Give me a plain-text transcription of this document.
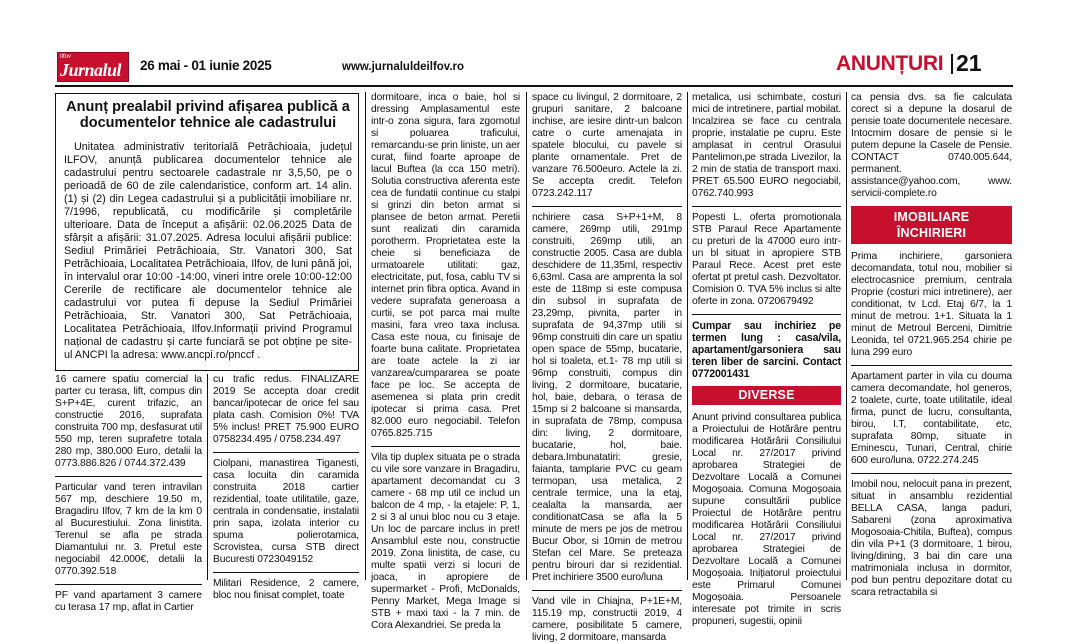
Ilfov
Jurnalul 26 mai - 01 iunie 2025	www.jurnaluldeilfov.ro	ANUNȚURI 21
Anunț prealabil privind afișarea publică a documentelor tehnice ale cadastrului

Unitatea administrativ teritorială Petrăchioaia, județul ILFOV, anunță publicarea documentelor tehnice ale cadastrului pentru sectoarele cadastrale nr 3,5,50, pe o perioadă de 60 de zile calendaristice, conform art. 14 alin. (1) și (2) din Legea cadastrului și a publicității imobiliare nr. 7/1996, republicată, cu modificările și completările ulterioare. Data de început a afișării: 02.06.2025 Data de sfârșit a afișării: 31.07.2025. Adresa locului afișării publice: Sediul Primăriei Petrăchioaia, Str. Vanatori 300, Sat Petrăchioaia, Localitatea Petrăchioaia, Ilfov, de luni până joi, în intervalul orar 10:00 -14:00, vineri intre orele 10:00-12:00 Cererile de rectificare ale documentelor tehnice ale cadastrului vor putea fi depuse la Sediul Primăriei Petrăchioaia, Str. Vanatori 300, Sat Petrăchioaia, Localitatea Petrăchioaia, Ilfov.Informații privind Programul național de cadastru și carte funciară se pot obține pe site-ul ANCPI la adresa: www.ancpi.ro/pnccf .

16 camere spatiu comercial la parter cu terasa, lift, compus din S+P+4E, curent trifazic, an constructie 2016, suprafata construita 700 mp, desfasurat util 550 mp, teren suprafetre totala 280 mp, 380.000 Euro, detalii la 0773.886.826 / 0744.372.439
Particular vand teren intravilan 567 mp, deschiere 19.50 m, Bragadiru Ilfov, 7 km de la km 0 al Bucurestiului. Zona linistita. Terenul se afla pe strada Diamantului nr. 3. Pretul este negociabil 42.000€, detalii la 0770.392.518
PF vand apartament 3 camere cu terasa 17 mp, aflat in Cartier
cu trafic redus. FINALIZARE 2019 Se accepta doar credit bancar/ipotecar de orice fel sau plata cash. Comision 0%! TVA 5% inclus! PRET 75.900 EURO 0758234.495 / 0758.234.497
Ciolpani, manastirea Tiganesti, casa locuita din caramida construita 2018 cartier rezidential, toate utilitatile, gaze, centrala in condensatie, instalatii prin sapa, izolata interior cu spuma polierotamica, Scrovistea, cursa STB direct Bucuresti 0723049152
Militari Residence, 2 camere, bloc nou finisat complet, toate
dormitoare, inca o baie, hol si dressing Amplasamentul este intr-o zona sigura, fara zgomotul si poluarea traficului, remarcandu-se prin liniste, un aer curat, fiind foarte aproape de lacul Buftea (la cca 150 metri). Solutia constructiva aferenta este cea de fundatii continue cu stalpi si grinzi din beton armat si plansee de beton armat. Peretii sunt realizati din caramida porotherm. Proprietatea este la cheie si beneficiaza de urmatoarele utilitati: gaz, electricitate, put, fosa, cablu TV si internet prin fibra optica. Avand in vedere suprafata generoasa a curtii, se pot parca mai multe masini, fara vreo taxa inclusa. Casa este noua, cu finisaje de foarte buna calitate. Proprietatea are toate actele la zi iar vanzarea/cumpararea se poate face pe loc. Se accepta de asemenea si plata prin credit ipotecar si prima casa. Pret 82.000 euro negociabil. Telefon 0765.825.715
Vila tip duplex situata pe o strada cu vile sore vanzare in Bragadiru, apartament decomandat cu 3 camere - 68 mp util ce includ un balcon de 4 mp, - la etajele: P, 1, 2 si 3 al unui bloc nou cu 3 etaje. Un loc de parcare inclus in pret! Ansamblul este nou, constructie 2019. Zona linistita, de case, cu multe spatii verzi si locuri de joaca, in apropiere de supermarket - Profi, McDonalds, Penny Market, Mega Image si STB + maxi taxi - la 7 min. de Cora Alexandriei. Se preda la
space cu livingul, 2 dormitoare, 2 grupuri sanitare, 2 balcoane inchise, are iesire dintr-un balcon catre o curte amenajata in spatele blocului, cu pavele si plante ornamentale. Pret de vanzare 76.500euro. Actele la zi. Se accepta credit. Telefon 0723.242.117
nchiriere casa S+P+1+M, 8 camere, 269mp utili, 291mp construiti, 269mp utili, an constructie 2005. Casa are dubla deschidere de 11,35ml, respectiv 6,63ml. Casa are amprenta la sol este de 118mp si este compusa din subsol in suprafata de 23,29mp, pivnita, parter in suprafata de 94,37mp utili si 96mp construiti din care un spatiu open space de 55mp, bucatarie, hol si toaleta, et.1- 78 mp utili si 96mp construiti, compus din living, 2 dormitoare, bucatarie, hol, baie, debara, o terasa de 15mp si 2 balcoane si mansarda, in suprafata de 78mp, compusa din: living, 2 dormitoare, bucatarie, hol, baie. debara.Imbunatatiri: gresie, faianta, tamplarie PVC cu geam termopan, usa metalica, 2 centrale termice, una la etaj, cealalta la mansarda, aer conditionatCasa se afla la 5 minute de mers pe jos de metrou Bucur Obor, si 10min de metrou Stefan cel Mare. Se preteaza pentru birouri dar si rezidential. Pret inchiriere 3500 euro/luna
Vand vile in Chiajna, P+1E+M, 115.19 mp, constructii 2019, 4 camere, posibilitate 5 camere, living, 2 dormitoare, mansarda
metalica, usi schimbate, costuri mici de intretinere, partial mobilat. Incalzirea se face cu centrala proprie, instalatie pe cupru. Este amplasat in centrul Orasului Pantelimon,pe strada Livezilor, la 2 min de statia de transport maxi. PRET 65.500 EURO negociabil, 0762.740.993
Popesti L. oferta promotionala STB Paraul Rece Apartamente cu preturi de la 47000 euro intr-un bl situat in apropiere STB Paraul Rece. Acest pret este ofertat pt pretul cash. Dezvoltator. Comision 0. TVA 5% inclus si alte oferte in zona. 0720679492
Cumpar sau inchiriez pe termen lung : casa/vila, apartament/garsoniera sau teren liber de sarcini. Contact 0772001431
DIVERSE
Anunt privind consultarea publica a Proiectului de Hotărâre pentru modificarea Hotărârii Consiliului Local nr. 27/2017 privind aprobarea Strategiei de Dezvoltare Locală a Comunei Mogoșoaia. Comuna Mogoșoaia supune consultării publice Proiectul de Hotărâre pentru modificarea Hotărârii Consiliului Local nr. 27/2017 privind aprobarea Strategiei de Dezvoltare Locală a Comunei Mogoșoaia. Inițiatorul proiectului este Primarul Comunei Mogoșoaia. Persoanele interesate pot trimite in scris propuneri, sugestii, opinii
ca pensia dvs. sa fie calculata corect si a depune la dosarul de pensie toate documentele necesare. Intocmim dosare de pensie si le putem depune la Casele de Pensie. CONTACT 0740.005.644, permanent. assistance@yahoo.com, www. servicii-complete.ro
IMOBILIARE ÎNCHIRIERI
Prima inchiriere, garsoniera decomandata, totul nou, mobilier si electrocasnice premium, centrala Proprie (costuri mici intretinere), aer conditionat, tv Lcd. Etaj 6/7, la 1 minut de metrou. 1+1. Situata la 1 minut de Metroul Berceni, Dimitrie Leonida, tel 0721.965.254 chirie pe luna 299 euro
Apartament parter in vila cu douma camera decomandate, hol generos, 2 toalete, curte, toate utilitatile, ideal firma, punct de lucru, consultanta, birou, I.T, contabilitate, etc, suprafata 80mp, situate in Eminescu, Tunari, Central, chirie 600 euro/luna. 0722.274.245
Imobil nou, nelocuit pana in prezent, situat in ansamblu rezidential BELLA CASA, langa paduri, Sabareni (zona aproximativa Mogosoaia-Chitila, Buftea), compus din vila P+1 (3 dormitoare, 1 birou, living/dining, 3 bai din care una matrimoniala inclusa in dormitor, pod bun pentru depozitare dotat cu scara retractabila si
